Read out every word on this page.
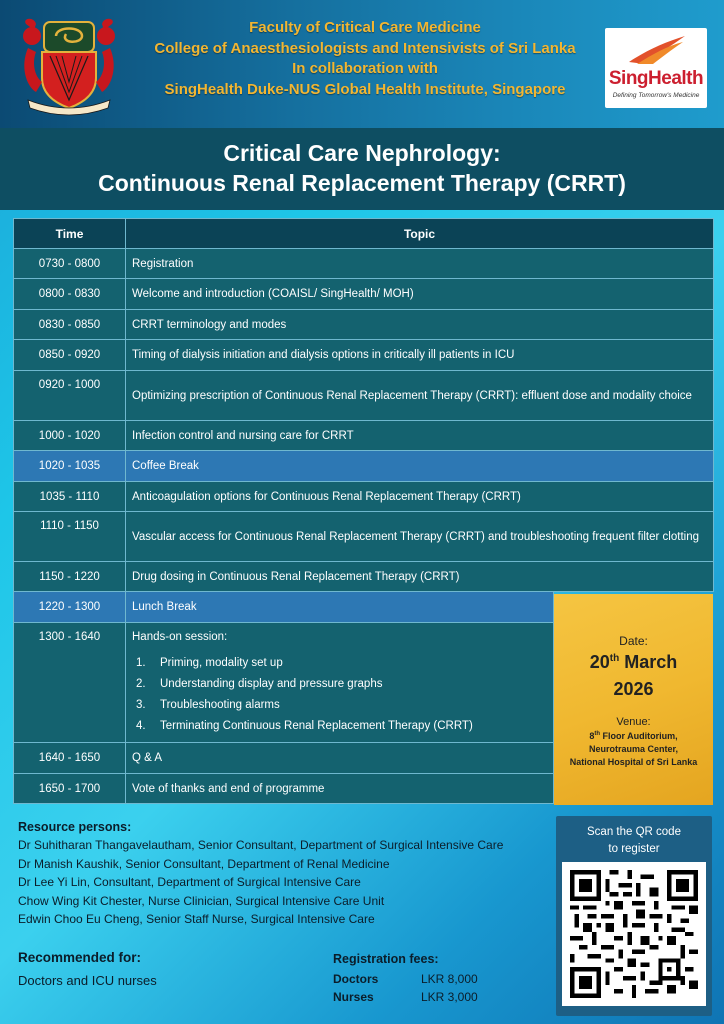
Faculty of Critical Care Medicine
College of Anaesthesiologists and Intensivists of Sri Lanka
In collaboration with
SingHealth Duke-NUS Global Health Institute, Singapore	SingHealth
Defining Tomorrow's Medicine
Critical Care Nephrology:
Continuous Renal Replacement Therapy (CRRT)
Time	Topic	
0730 - 0800	Registration	
0800 - 0830	Welcome and introduction (COAISL/ SingHealth/ MOH)	
0830 - 0850	CRRT terminology and modes	
0850 - 0920	Timing of dialysis initiation and dialysis options in critically ill patients in ICU	
0920 - 1000	Optimizing prescription of Continuous Renal Replacement Therapy (CRRT): effluent dose and modality choice	
1000 - 1020	Infection control and nursing care for CRRT	
1020 - 1035	Coffee Break	
1035 - 1110	Anticoagulation options for Continuous Renal Replacement Therapy (CRRT)	
1110 - 1150	Vascular access for Continuous Renal Replacement Therapy (CRRT) and troubleshooting frequent filter clotting	
1150 - 1220	Drug dosing in Continuous Renal Replacement Therapy (CRRT)	
1220 - 1300	Lunch Break	
1300 - 1640	Hands-on session:
1. Priming, modality set up
2. Understanding display and pressure graphs
3. Troubleshooting alarms
4. Terminating Continuous Renal Replacement Therapy (CRRT)	

1640 - 1650	Q & A	
1650 - 1700	Vote of thanks and end of programme	
Date:
20th March
2026
Venue:
8th Floor Auditorium,
Neurotrauma Center,
National Hospital of Sri Lanka
Resource persons:
Dr Suhitharan Thangavelautham, Senior Consultant, Department of Surgical Intensive Care
Dr Manish Kaushik, Senior Consultant, Department of Renal Medicine
Dr Lee Yi Lin, Consultant, Department of Surgical Intensive Care
Chow Wing Kit Chester, Nurse Clinician, Surgical Intensive Care Unit
Edwin Choo Eu Cheng, Senior Staff Nurse, Surgical Intensive Care
Recommended for:
Doctors and ICU nurses
Registration fees:
Doctors	LKR 8,000
Nurses	LKR 3,000
Scan the QR code
to register
